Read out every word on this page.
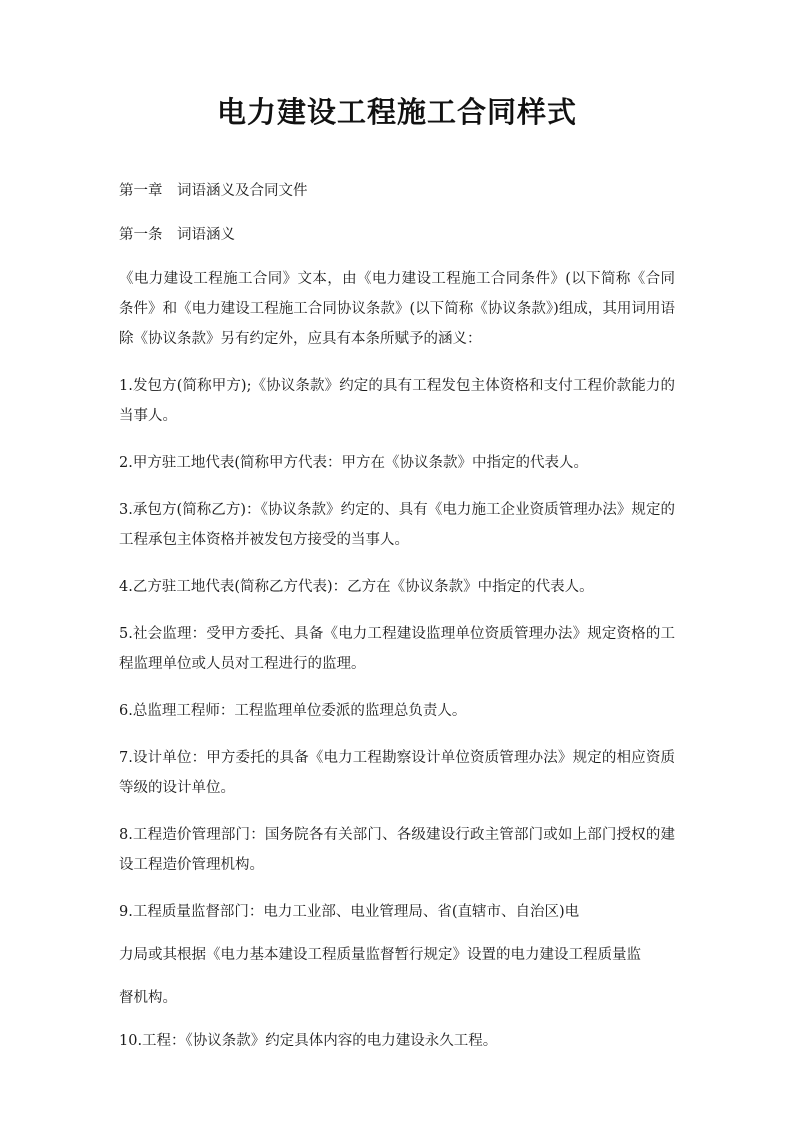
电力建设工程施工合同样式

第一章　词语涵义及合同文件

第一条　词语涵义

《电力建设工程施工合同》文本，由《电力建设工程施工合同条件》(以下简称《合同条件》和《电力建设工程施工合同协议条款》(以下简称《协议条款》)组成，其用词用语除《协议条款》另有约定外，应具有本条所赋予的涵义：

1.发包方(简称甲方);《协议条款》约定的具有工程发包主体资格和支付工程价款能力的当事人。

2.甲方驻工地代表(简称甲方代表：甲方在《协议条款》中指定的代表人。

3.承包方(简称乙方)：《协议条款》约定的、具有《电力施工企业资质管理办法》规定的工程承包主体资格并被发包方接受的当事人。

4.乙方驻工地代表(简称乙方代表)：乙方在《协议条款》中指定的代表人。

5.社会监理：受甲方委托、具备《电力工程建设监理单位资质管理办法》规定资格的工程监理单位或人员对工程进行的监理。

6.总监理工程师：工程监理单位委派的监理总负责人。

7.设计单位：甲方委托的具备《电力工程勘察设计单位资质管理办法》规定的相应资质等级的设计单位。

8.工程造价管理部门：国务院各有关部门、各级建设行政主管部门或如上部门授权的建设工程造价管理机构。

9.工程质量监督部门：电力工业部、电业管理局、省(直辖市、自治区)电

力局或其根据《电力基本建设工程质量监督暂行规定》设置的电力建设工程质量监

督机构。

10.工程：《协议条款》约定具体内容的电力建设永久工程。
